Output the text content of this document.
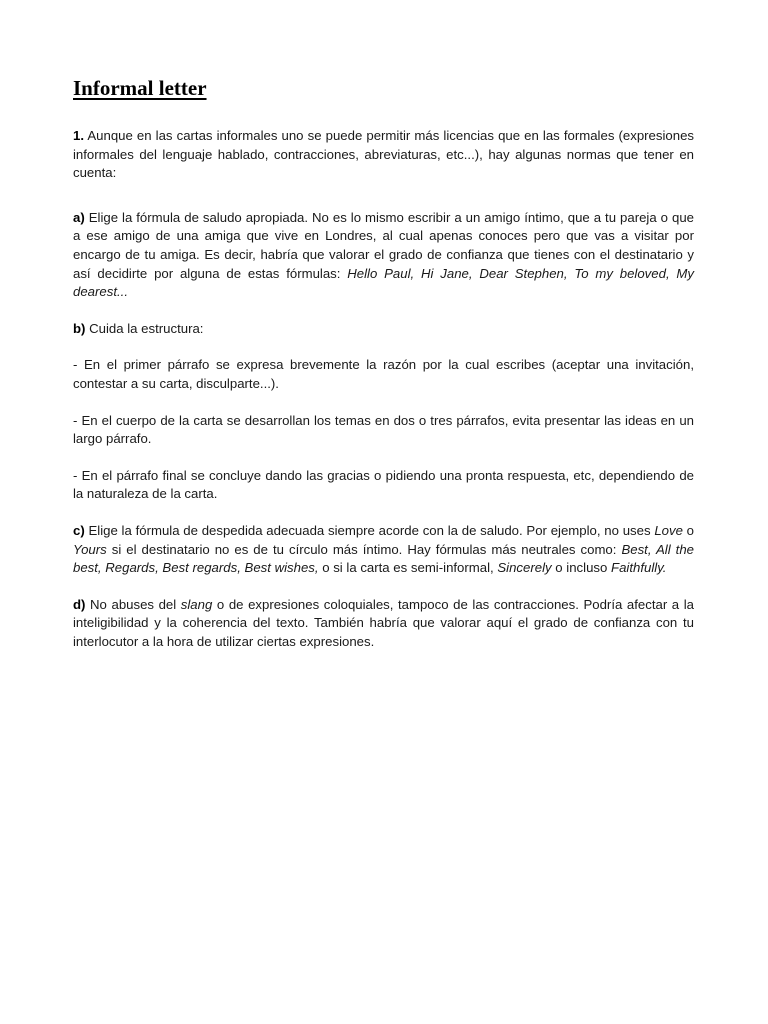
Informal letter

1. Aunque en las cartas informales uno se puede permitir más licencias que en las formales (expresiones informales del lenguaje hablado, contracciones, abreviaturas, etc...), hay algunas normas que tener en cuenta:

a) Elige la fórmula de saludo apropiada. No es lo mismo escribir a un amigo íntimo, que a tu pareja o que a ese amigo de una amiga que vive en Londres, al cual apenas conoces pero que vas a visitar por encargo de tu amiga. Es decir, habría que valorar el grado de confianza que tienes con el destinatario y así decidirte por alguna de estas fórmulas: Hello Paul, Hi Jane, Dear Stephen, To my beloved, My dearest...

b) Cuida la estructura:

- En el primer párrafo se expresa brevemente la razón por la cual escribes (aceptar una invitación, contestar a su carta, disculparte...).

- En el cuerpo de la carta se desarrollan los temas en dos o tres párrafos, evita presentar las ideas en un largo párrafo.

- En el párrafo final se concluye dando las gracias o pidiendo una pronta respuesta, etc, dependiendo de la naturaleza de la carta.

c) Elige la fórmula de despedida adecuada siempre acorde con la de saludo. Por ejemplo, no uses Love o Yours si el destinatario no es de tu círculo más íntimo. Hay fórmulas más neutrales como: Best, All the best, Regards, Best regards, Best wishes, o si la carta es semi-informal, Sincerely o incluso Faithfully.

d) No abuses del slang o de expresiones coloquiales, tampoco de las contracciones. Podría afectar a la inteligibilidad y la coherencia del texto. También habría que valorar aquí el grado de confianza con tu interlocutor a la hora de utilizar ciertas expresiones.
